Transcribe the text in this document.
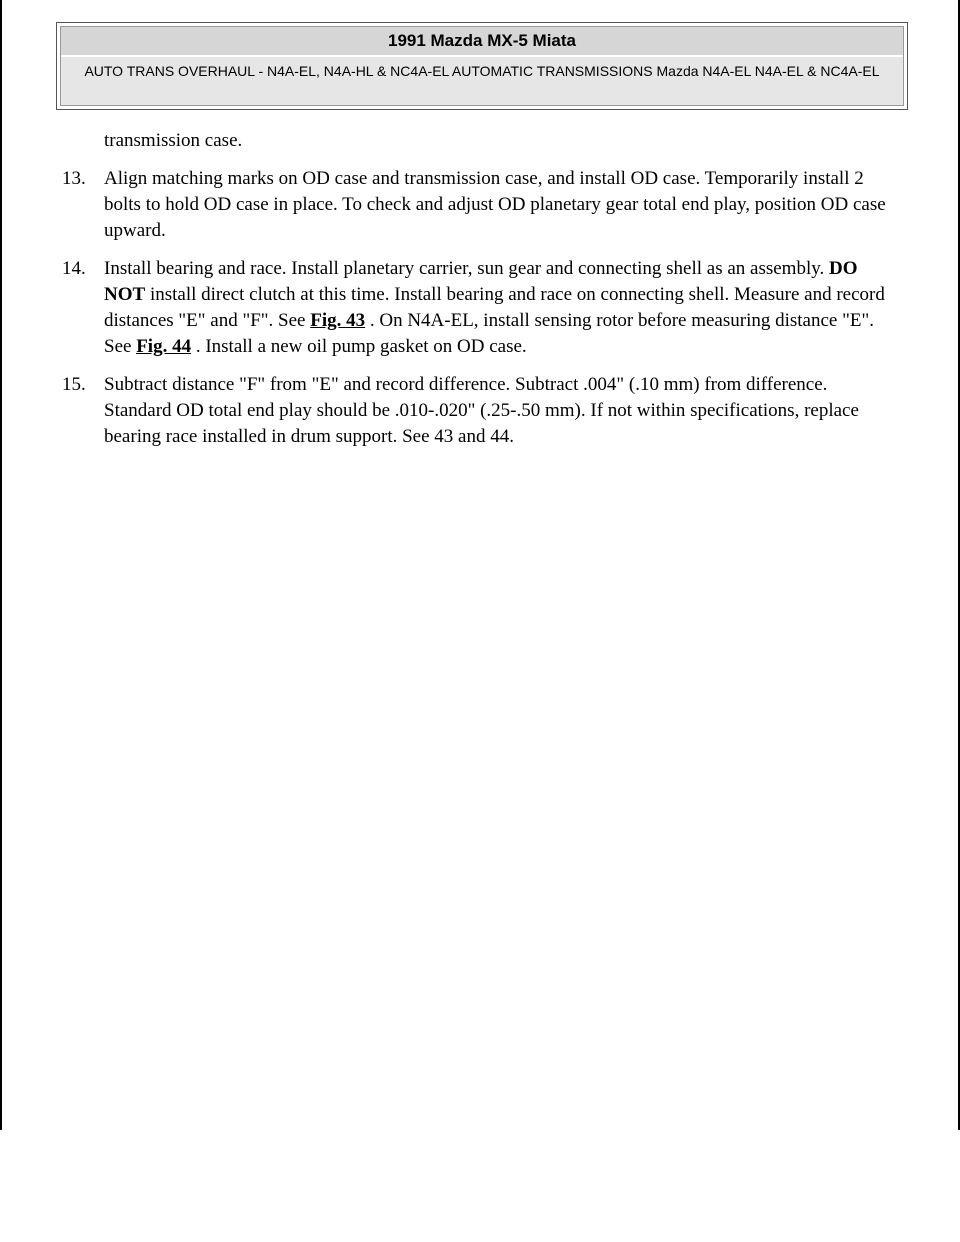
1991 Mazda MX-5 Miata
AUTO TRANS OVERHAUL - N4A-EL, N4A-HL & NC4A-EL AUTOMATIC TRANSMISSIONS Mazda N4A-EL N4A-EL & NC4A-EL
transmission case.
13. Align matching marks on OD case and transmission case, and install OD case. Temporarily install 2 bolts to hold OD case in place. To check and adjust OD planetary gear total end play, position OD case upward.
14. Install bearing and race. Install planetary carrier, sun gear and connecting shell as an assembly. DO NOT install direct clutch at this time. Install bearing and race on connecting shell. Measure and record distances "E" and "F". See Fig. 43 . On N4A-EL, install sensing rotor before measuring distance "E". See Fig. 44 . Install a new oil pump gasket on OD case.
15. Subtract distance "F" from "E" and record difference. Subtract .004" (.10 mm) from difference. Standard OD total end play should be .010-.020" (.25-.50 mm). If not within specifications, replace bearing race installed in drum support. See 43 and 44.
